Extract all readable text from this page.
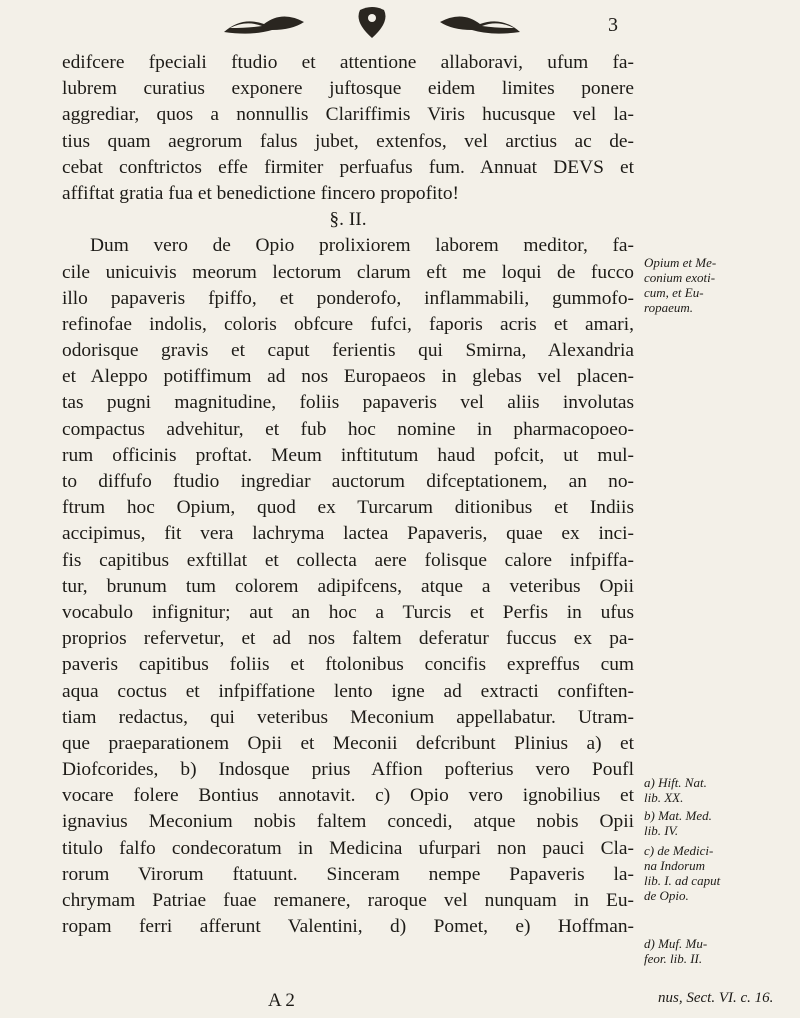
3
edifcere fpeciali ftudio et attentione allaboravi, ufum fa-
lubrem curatius exponere juftosque eidem limites ponere
aggrediar, quos a nonnullis Clariffimis Viris hucusque vel la-
tius quam aegrorum falus jubet, extenfos, vel arctius ac de-
cebat conftrictos effe firmiter perfuafus fum. Annuat DEVS et
affiftat gratia fua et benedictione fincero propofito!
§. II.
Dum vero de Opio prolixiorem laborem meditor, fa-
cile unicuivis meorum lectorum clarum eft me loqui de fucco
illo papaveris fpiffo, et ponderofo, inflammabili, gummofo-
refinofae indolis, coloris obfcure fufci, faporis acris et amari,
odorisque gravis et caput ferientis qui Smirna, Alexandria
et Aleppo potiffimum ad nos Europaeos in glebas vel placen-
tas pugni magnitudine, foliis papaveris vel aliis involutas
compactus advehitur, et fub hoc nomine in pharmacopoeo-
rum officinis proftat. Meum inftitutum haud pofcit, ut mul-
to diffufo ftudio ingrediar auctorum difceptationem, an no-
ftrum hoc Opium, quod ex Turcarum ditionibus et Indiis
accipimus, fit vera lachryma lactea Papaveris, quae ex inci-
fis capitibus exftillat et collecta aere folisque calore infpiffa-
tur, brunum tum colorem adipifcens, atque a veteribus Opii
vocabulo infignitur; aut an hoc a Turcis et Perfis in ufus
proprios refervetur, et ad nos faltem deferatur fuccus ex pa-
paveris capitibus foliis et ftolonibus concifis expreffus cum
aqua coctus et infpiffatione lento igne ad extracti confiften-
tiam redactus, qui veteribus Meconium appellabatur. Utram-
que praeparationem Opii et Meconii defcribunt Plinius a) et
Diofcorides, b) Indosque prius Affion pofterius vero Poufl
vocare folere Bontius annotavit. c) Opio vero ignobilius et
ignavius Meconium nobis faltem concedi, atque nobis Opii
titulo falfo condecoratum in Medicina ufurpari non pauci Cla-
rorum Virorum ftatuunt. Sinceram nempe Papaveris la-
chrymam Patriae fuae remanere, raroque vel nunquam in Eu-
ropam ferri afferunt Valentini, d) Pomet, e) Hoffman-
Opium et Me-
conium exoti-
cum, et Eu-
ropaeum.
a) Hift. Nat.
lib. XX.
b) Mat. Med.
lib. IV.
c) de Medici-
na Indorum
lib. I. ad caput
de Opio.
d) Muf. Mu-
feor. lib. II.
A 2	nus, Sect. VI. c. 16.
